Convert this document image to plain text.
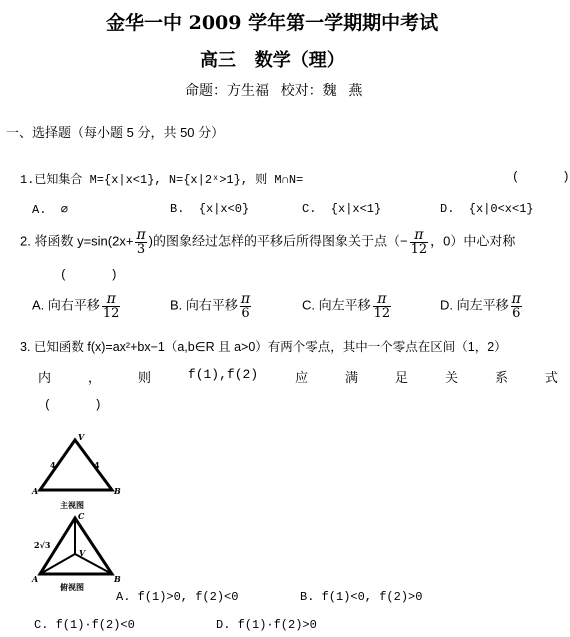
金华一中 2009 学年第一学期期中考试
高三   数学（理）
命题：方生福   校对：魏   燕
一、选择题（每小题 5 分，共 50 分）
1.已知集合 M={x|x<1}, N={x|2ˣ>1}, 则 M∩N=	(      )
A.  ∅	B.  {x|x<0}	C.  {x|x<1}	D.  {x|0<x<1}
2. 将函数 $y=\sin(2x+ \frac{\pi}{3}$ )的图象经过怎样的平移后所得图象关于点（− $\frac{\pi}{12}$ ，0）中心对称
(      )
A. 向右平移 $\frac{\pi}{12}$	B. 向右平移 $\frac{\pi}{6}$	C. 向左平移 $\frac{\pi}{12}$	D. 向左平移 $\frac{\pi}{6}$
3. 已知函数 f(x)=ax²+bx−1（a,b∈R 且 a>0）有两个零点，其中一个零点在区间（1，2）
内	，	则	f(1),f(2)	应	满	足	关	系	式
(      )
V
A	B
4	4
主视图
C
V
A	B
2√3
俯视图
A. f(1)>0, f(2)<0	B. f(1)<0, f(2)>0
C. f(1)·f(2)<0	D. f(1)·f(2)>0
